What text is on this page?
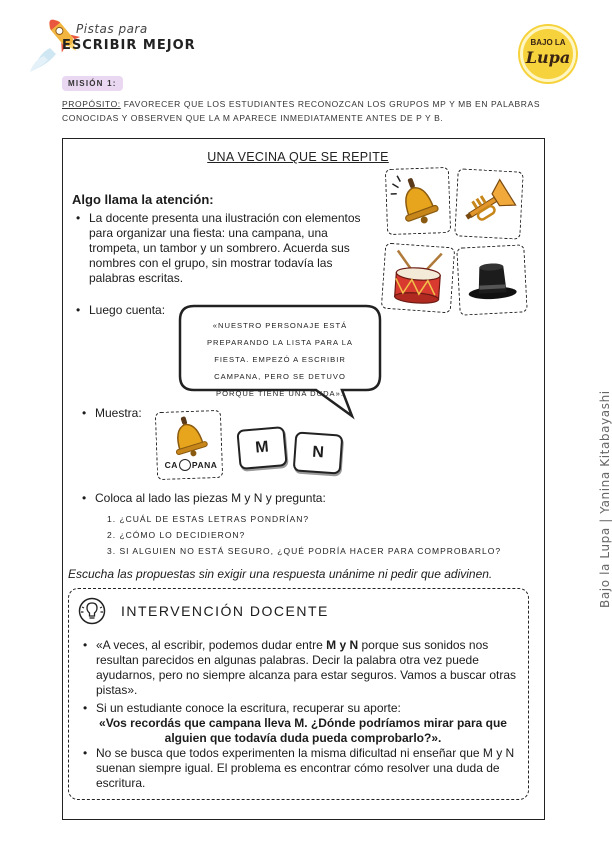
Pistas para
ESCRIBIR MEJOR	BAJO LA
Lupa
MISIÓN 1:
PROPÓSITO: FAVORECER QUE LOS ESTUDIANTES RECONOZCAN LOS GRUPOS MP Y MB EN PALABRAS CONOCIDAS Y OBSERVEN QUE LA M APARECE INMEDIATAMENTE ANTES DE P Y B.
UNA VECINA QUE SE REPITE
Algo llama la atención:
• La docente presenta una ilustración con elementos para organizar una fiesta: una campana, una trompeta, un tambor y un sombrero. Acuerda sus nombres con el grupo, sin mostrar todavía las palabras escritas.
• Luego cuenta:
«NUESTRO PERSONAJE ESTÁ PREPARANDO LA LISTA PARA LA FIESTA. EMPEZÓ A ESCRIBIR CAMPANA, PERO SE DETUVO PORQUE TIENE UNA DUDA».
• Muestra:
CA PANA
M	N
• Coloca al lado las piezas M y N y pregunta:
1. ¿CUÁL DE ESTAS LETRAS PONDRÍAN?
2. ¿CÓMO LO DECIDIERON?
3. SI ALGUIEN NO ESTÁ SEGURO, ¿QUÉ PODRÍA HACER PARA COMPROBARLO?
Escucha las propuestas sin exigir una respuesta unánime ni pedir que adivinen.
INTERVENCIÓN DOCENTE
• «A veces, al escribir, podemos dudar entre M y N porque sus sonidos nos resultan parecidos en algunas palabras. Decir la palabra otra vez puede ayudarnos, pero no siempre alcanza para estar seguros. Vamos a buscar otras pistas».
• Si un estudiante conoce la escritura, recuperar su aporte:
«Vos recordás que campana lleva M. ¿Dónde podríamos mirar para que alguien que todavía duda pueda comprobarlo?».
• No se busca que todos experimenten la misma dificultad ni enseñar que M y N suenan siempre igual. El problema es encontrar cómo resolver una duda de escritura.
Bajo la Lupa | Yanina Kitabayashi
